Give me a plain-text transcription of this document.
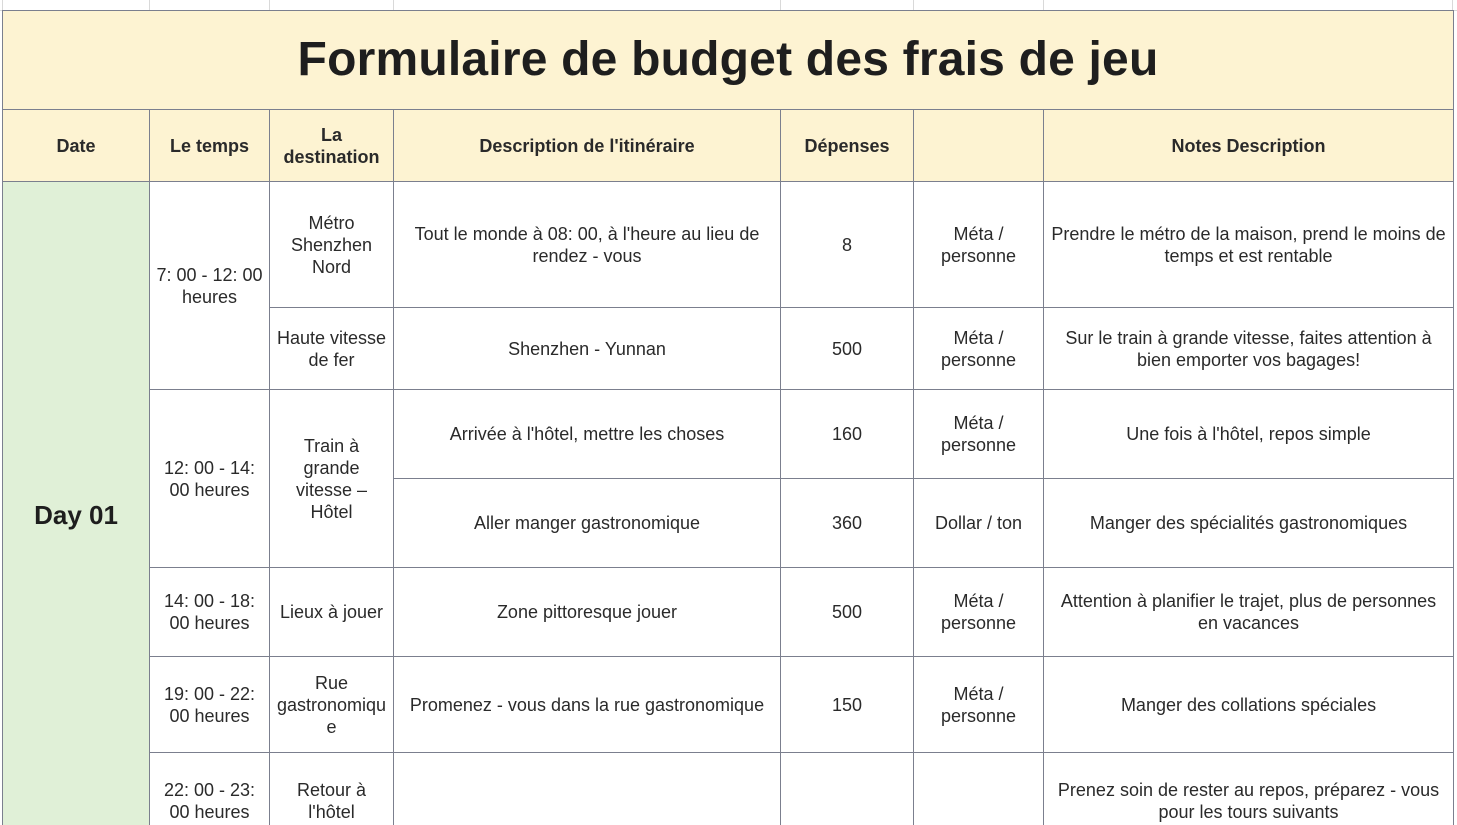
Formulaire de budget des frais de jeu						
Date	Le temps	La destination	Description de l'itinéraire	Dépenses		Notes Description
Day 01	7: 00 - 12: 00 heures	Métro Shenzhen Nord	Tout le monde à 08: 00, à l'heure au lieu de rendez - vous	8	Méta / personne	Prendre le métro de la maison, prend le moins de temps et est rentable
		Haute vitesse de fer	Shenzhen - Yunnan	500	Méta / personne	Sur le train à grande vitesse, faites attention à bien emporter vos bagages!
	12: 00 - 14: 00 heures	Train à grande vitesse – Hôtel	Arrivée à l'hôtel, mettre les choses	160	Méta / personne	Une fois à l'hôtel, repos simple
			Aller manger gastronomique	360	Dollar / ton	Manger des spécialités gastronomiques
	14: 00 - 18: 00 heures	Lieux à jouer	Zone pittoresque jouer	500	Méta / personne	Attention à planifier le trajet, plus de personnes en vacances
	19: 00 - 22: 00 heures	Rue gastronomique	Promenez - vous dans la rue gastronomique	150	Méta / personne	Manger des collations spéciales
	22: 00 - 23: 00 heures	Retour à l'hôtel				Prenez soin de rester au repos, préparez - vous pour les tours suivants
